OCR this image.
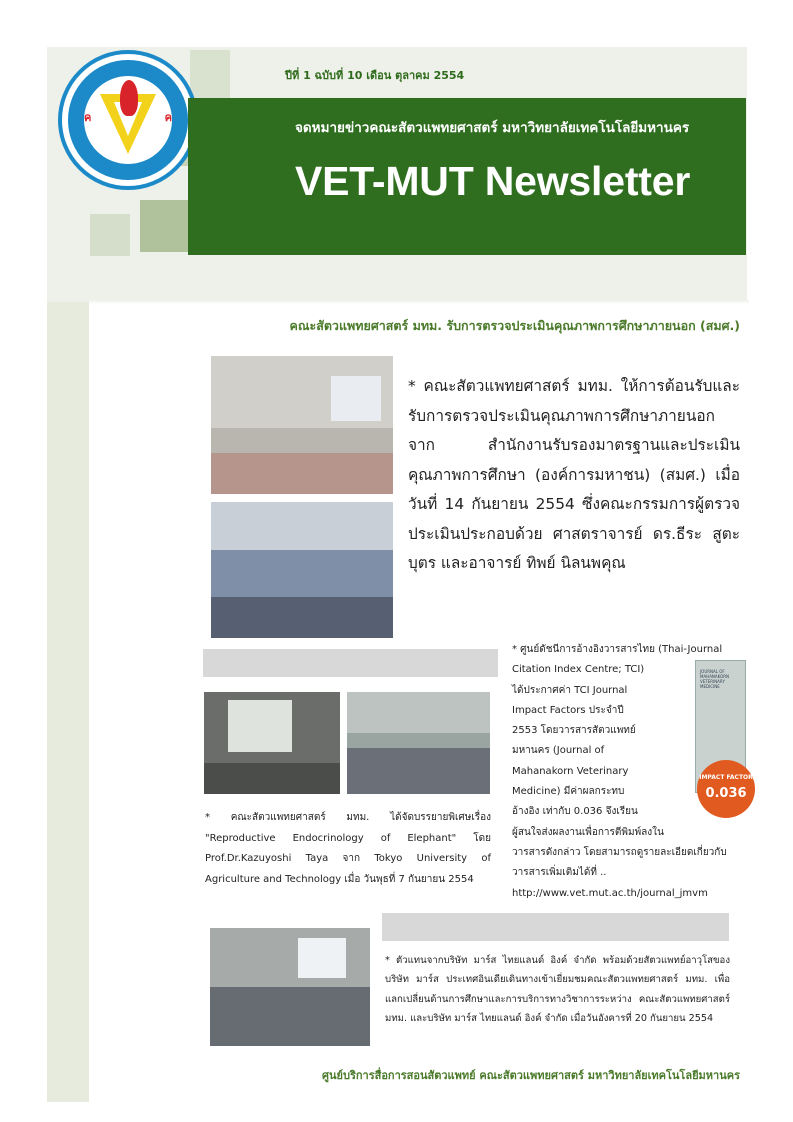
ค	ค
ปีที่ 1 ฉบับที่ 10 เดือน ตุลาคม 2554
จดหมายข่าวคณะสัตวแพทยศาสตร์ มหาวิทยาลัยเทคโนโลยีมหานคร
VET-MUT Newsletter
คณะสัตวแพทยศาสตร์ มทม. รับการตรวจประเมินคุณภาพการศึกษาภายนอก (สมศ.)
JOURNAL OF MAHANAKORN VETERINARY MEDICINE
IMPACT FACTOR
0.036
* คณะสัตวแพทยศาสตร์ มทม. ให้การต้อนรับและรับการตรวจประเมินคุณภาพการศึกษาภายนอก จาก สำนักงานรับรองมาตรฐานและประเมินคุณภาพการศึกษา (องค์การมหาชน) (สมศ.) เมื่อวันที่ 14 กันยายน 2554 ซึ่งคณะกรรมการผู้ตรวจประเมินประกอบด้วย ศาสตราจารย์ ดร.ธีระ สูตะบุตร และอาจารย์ ทิพย์ นิลนพคุณ
* ศูนย์ดัชนีการอ้างอิงวารสารไทย (Thai-Journal
Citation Index Centre; TCI)
ได้ประกาศค่า TCI Journal
Impact Factors ประจำปี
2553 โดยวารสารสัตวแพทย์
มหานคร (Journal of
Mahanakorn Veterinary
Medicine) มีค่าผลกระทบ
อ้างอิง เท่ากับ 0.036 จึงเรียน
ผู้สนใจส่งผลงานเพื่อการตีพิมพ์ลงใน
วารสารดังกล่าว โดยสามารถดูรายละเอียดเกี่ยวกับ
วารสารเพิ่มเติมได้ที่ ..
http://www.vet.mut.ac.th/journal_jmvm
* คณะสัตวแพทยศาสตร์ มทม. ได้จัดบรรยายพิเศษเรื่อง "Reproductive Endocrinology of Elephant" โดย Prof.Dr.Kazuyoshi Taya จาก Tokyo University of Agriculture and Technology เมื่อ วันพุธที่ 7 กันยายน 2554
* ตัวแทนจากบริษัท มาร์ส ไทยแลนด์ อิงค์ จำกัด พร้อมด้วยสัตวแพทย์อาวุโสของบริษัท มาร์ส ประเทศอินเดียเดินทางเข้าเยี่ยมชมคณะสัตวแพทยศาสตร์ มทม. เพื่อแลกเปลี่ยนด้านการศึกษาและการบริการทางวิชาการระหว่าง คณะสัตวแพทยศาสตร์ มทม. และบริษัท มาร์ส ไทยแลนด์ อิงค์ จำกัด เมื่อวันอังคารที่ 20 กันยายน 2554
ศูนย์บริการสื่อการสอนสัตวแพทย์ คณะสัตวแพทยศาสตร์ มหาวิทยาลัยเทคโนโลยีมหานคร
